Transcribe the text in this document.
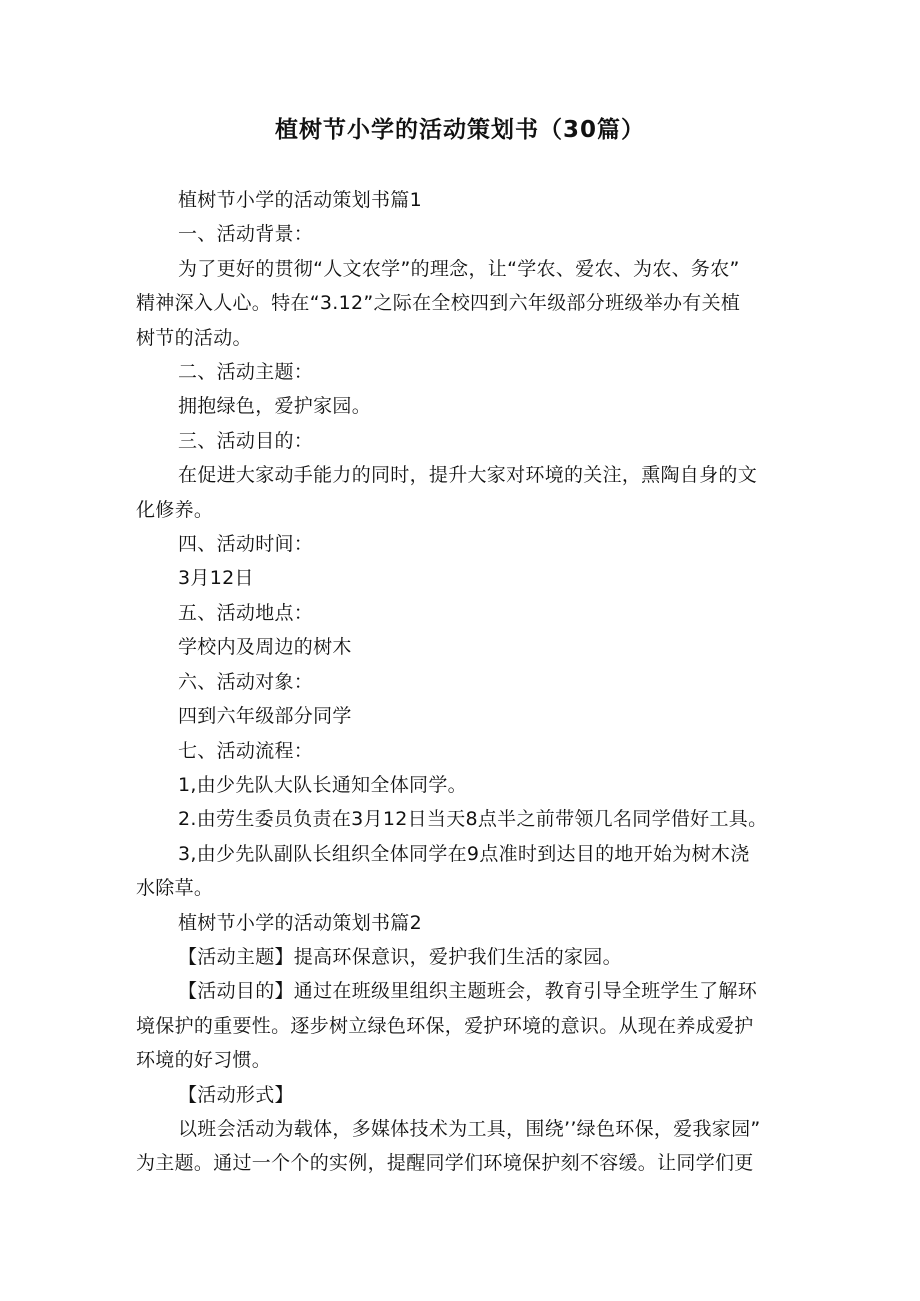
植树节小学的活动策划书（30篇）
植树节小学的活动策划书篇1
一、活动背景：
为了更好的贯彻“人文农学”的理念，让“学农、爱农、为农、务农”
精神深入人心。特在“3.12”之际在全校四到六年级部分班级举办有关植
树节的活动。
二、活动主题：
拥抱绿色，爱护家园。
三、活动目的：
在促进大家动手能力的同时，提升大家对环境的关注，熏陶自身的文
化修养。
四、活动时间：
3月12日
五、活动地点：
学校内及周边的树木
六、活动对象：
四到六年级部分同学
七、活动流程：
1,由少先队大队长通知全体同学。
2.由劳生委员负责在3月12日当天8点半之前带领几名同学借好工具。
3,由少先队副队长组织全体同学在9点准时到达目的地开始为树木浇
水除草。
植树节小学的活动策划书篇2
【活动主题】提高环保意识，爱护我们生活的家园。
【活动目的】通过在班级里组织主题班会，教育引导全班学生了解环
境保护的重要性。逐步树立绿色环保，爱护环境的意识。从现在养成爱护
环境的好习惯。
【活动形式】
以班会活动为载体，多媒体技术为工具，围绕’’绿色环保，爱我家园”
为主题。通过一个个的实例，提醒同学们环境保护刻不容缓。让同学们更
